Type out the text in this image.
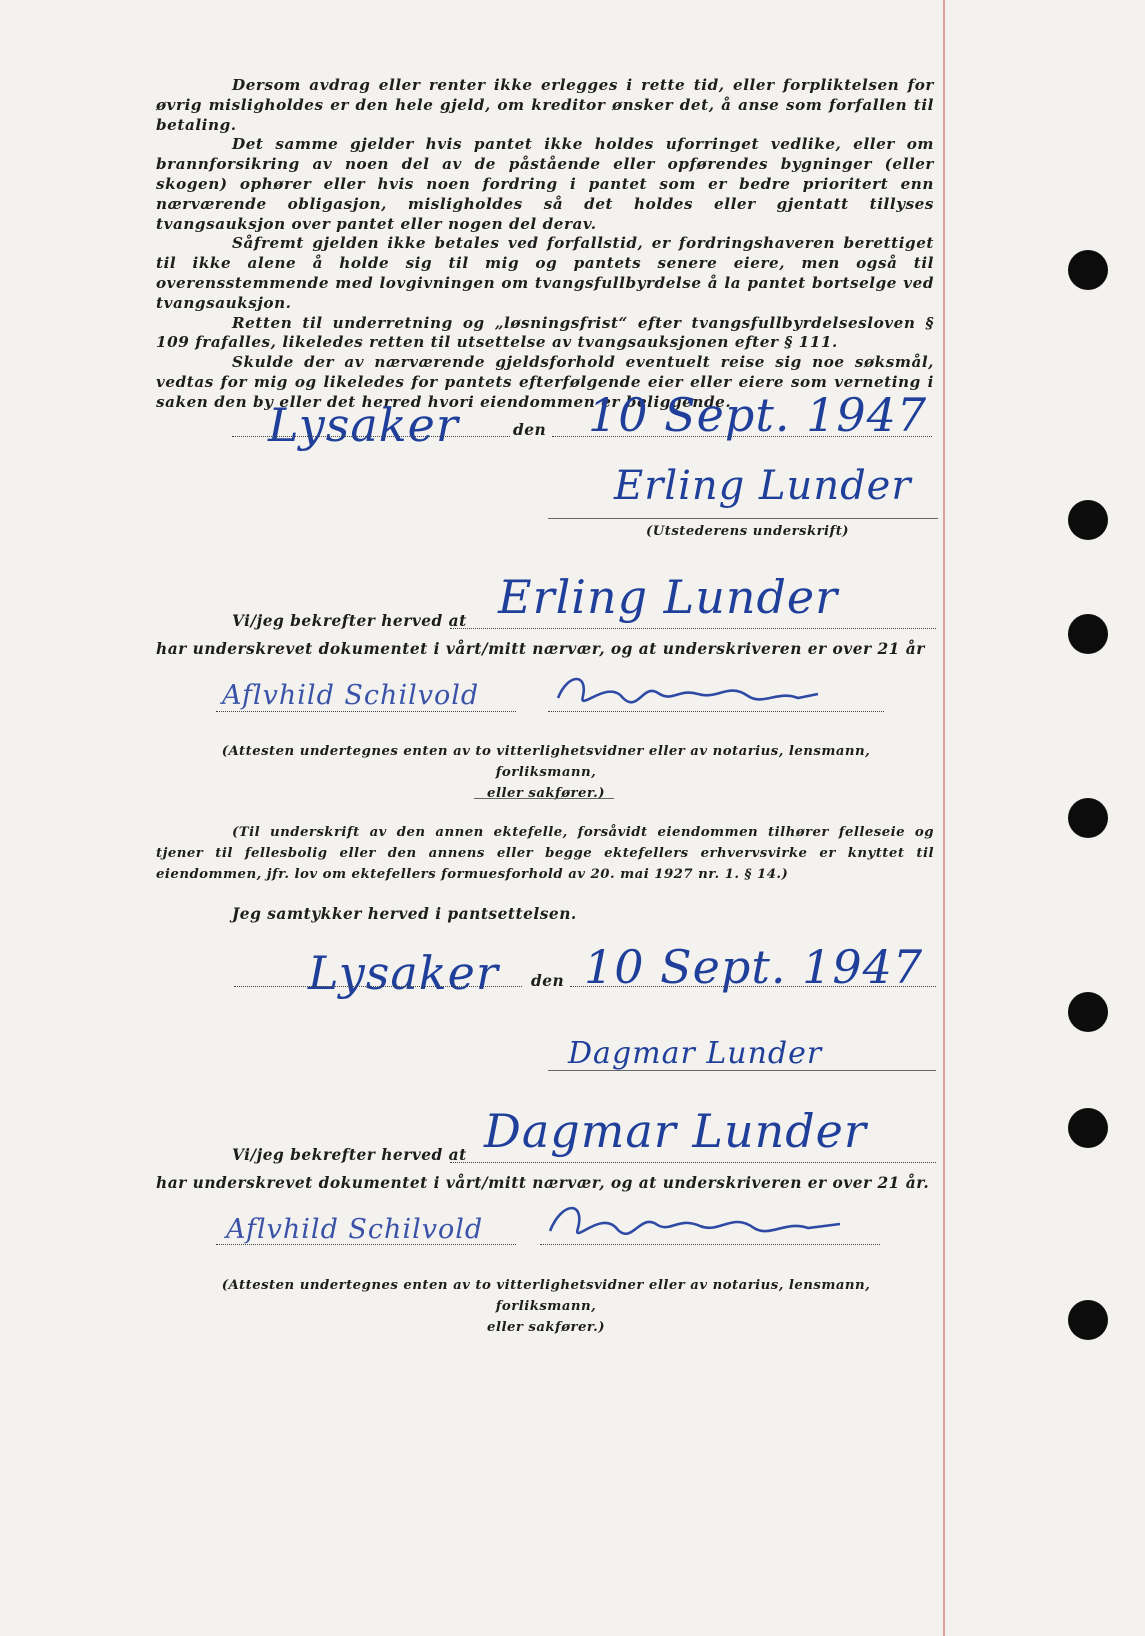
Dersom avdrag eller renter ikke erlegges i rette tid, eller forpliktelsen for øvrig misligholdes er den hele gjeld, om kreditor ønsker det, å anse som forfallen til betaling.

Det samme gjelder hvis pantet ikke holdes uforringet vedlike, eller om brannforsikring av noen del av de påstående eller opførendes bygninger (eller skogen) ophører eller hvis noen fordring i pantet som er bedre prioritert enn nærværende obligasjon, misligholdes så det holdes eller gjentatt tillyses tvangsauksjon over pantet eller nogen del derav.

Såfremt gjelden ikke betales ved forfallstid, er fordringshaveren berettiget til ikke alene å holde sig til mig og pantets senere eiere, men også til overensstemmende med lovgivningen om tvangsfullbyrdelse å la pantet bortselge ved tvangsauksjon.

Retten til underretning og „løsningsfrist“ efter tvangsfullbyrdelsesloven § 109 frafalles, likeledes retten til utsettelse av tvangsauksjonen efter § 111.

Skulde der av nærværende gjeldsforhold eventuelt reise sig noe søksmål, vedtas for mig og likeledes for pantets efterfølgende eier eller eiere som verneting i saken den by eller det herred hvori eiendommen er beliggende.

Lysaker	den 10 Sept. 1947
Erling Lunder
(Utstederens underskrift)
Vi/jeg bekrefter herved at Erling Lunder
har underskrevet dokumentet i vårt/mitt nærvær, og at underskriveren er over 21 år
Aflvhild Schilvold
(Attesten undertegnes enten av to vitterlighetsvidner eller av notarius, lensmann, forliksmann,
eller sakfører.)

(Til underskrift av den annen ektefelle, forsåvidt eiendommen tilhører felleseie og tjener til fellesbolig eller den annens eller begge ektefellers erhvervsvirke er knyttet til eiendommen, jfr. lov om ektefellers formuesforhold av 20. mai 1927 nr. 1. § 14.)

Jeg samtykker herved i pantsettelsen.
Lysaker den 10 Sept. 1947
Dagmar Lunder
Vi/jeg bekrefter herved at Dagmar Lunder
har underskrevet dokumentet i vårt/mitt nærvær, og at underskriveren er over 21 år.
Aflvhild Schilvold
(Attesten undertegnes enten av to vitterlighetsvidner eller av notarius, lensmann, forliksmann,
eller sakfører.)
